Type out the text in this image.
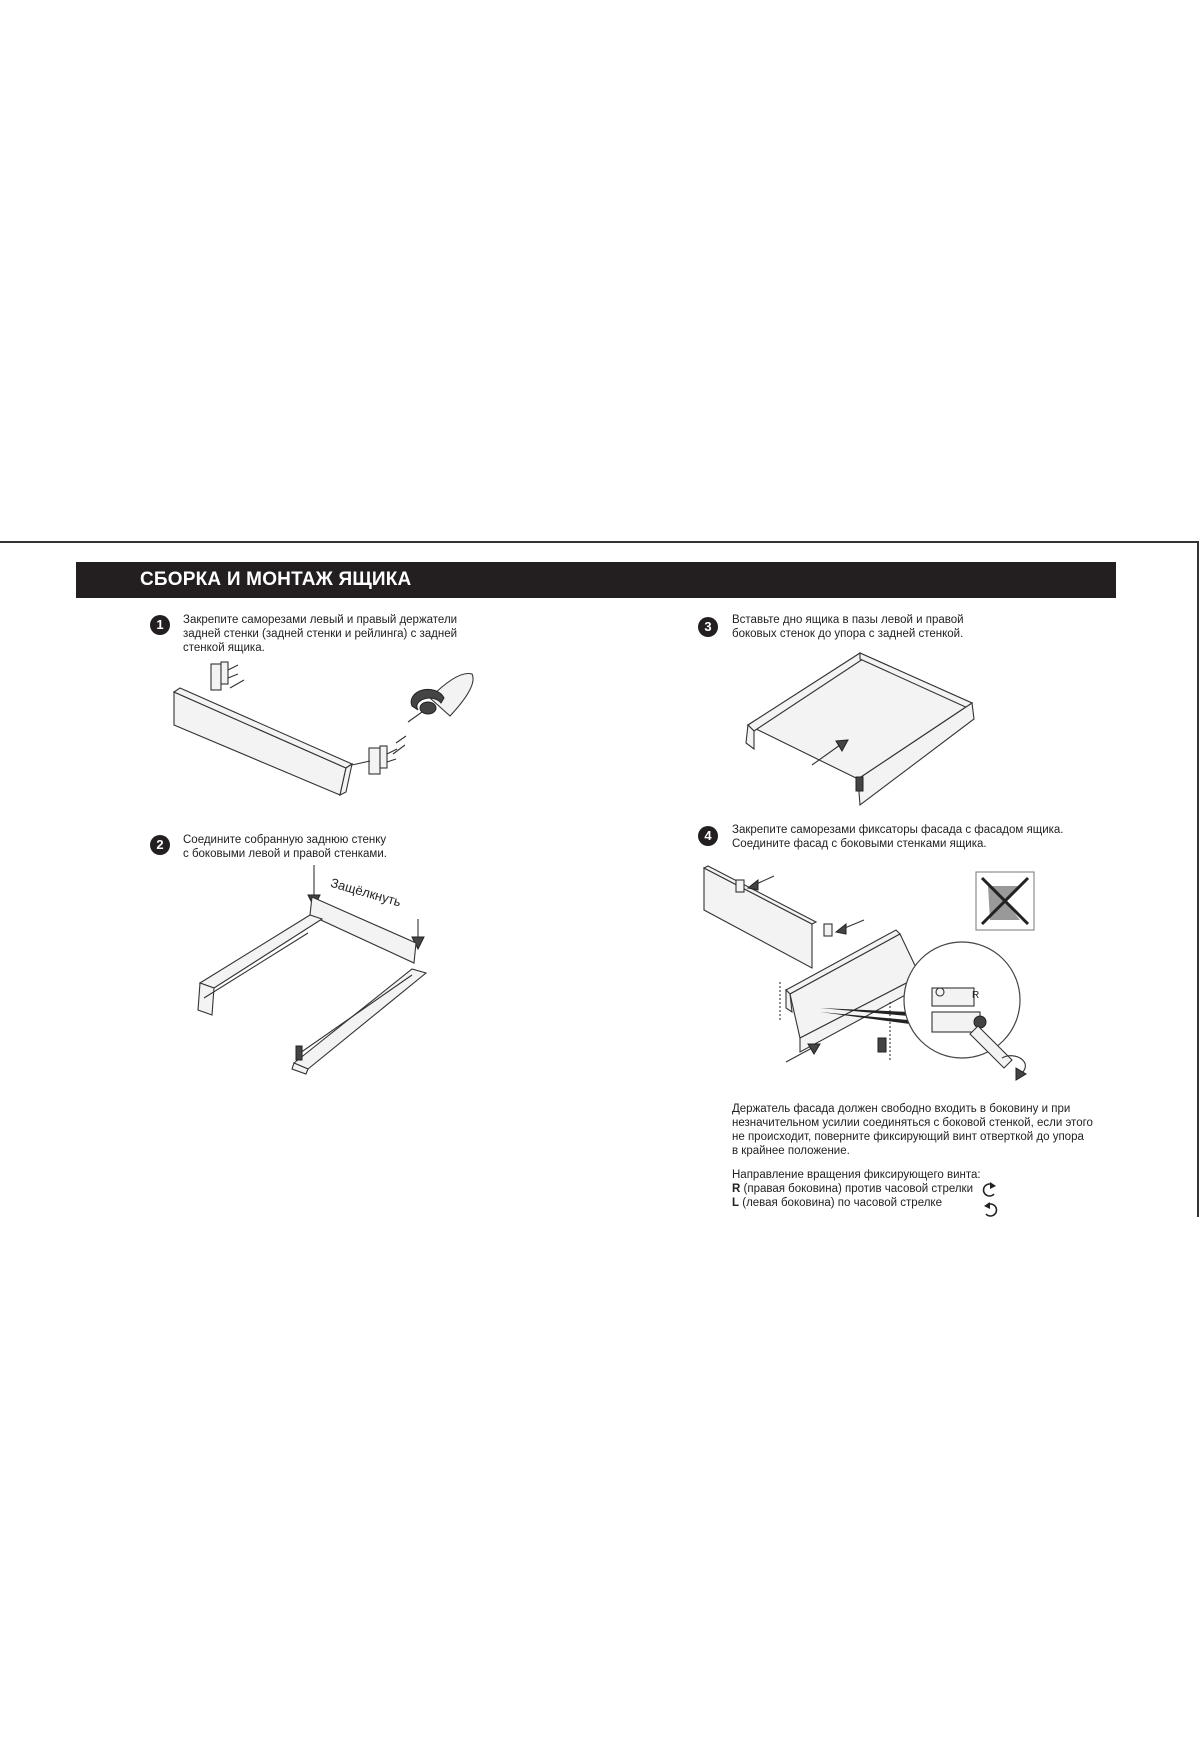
СБОРКА И МОНТАЖ ЯЩИКА
1	Закрепите саморезами левый и правый держатели
задней стенки (задней стенки и рейлинга) с задней
стенкой ящика.
2	Соедините собранную заднюю стенку
с боковыми левой и правой стенками.
Защёлкнуть
3	Вставьте дно ящика в пазы левой и правой
боковых стенок до упора с задней стенкой.
4	Закрепите саморезами фиксаторы фасада с фасадом ящика.
Соедините фасад с боковыми стенками ящика.
R
Держатель фасада должен свободно входить в боковину и при
незначительном усилии соединяться с боковой стенкой, если этого
не происходит, поверните фиксирующий винт отверткой до упора
в крайнее положение.
Направление вращения фиксирующего винта:
R (правая боковина) против часовой стрелки
L (левая боковина) по часовой стрелке
